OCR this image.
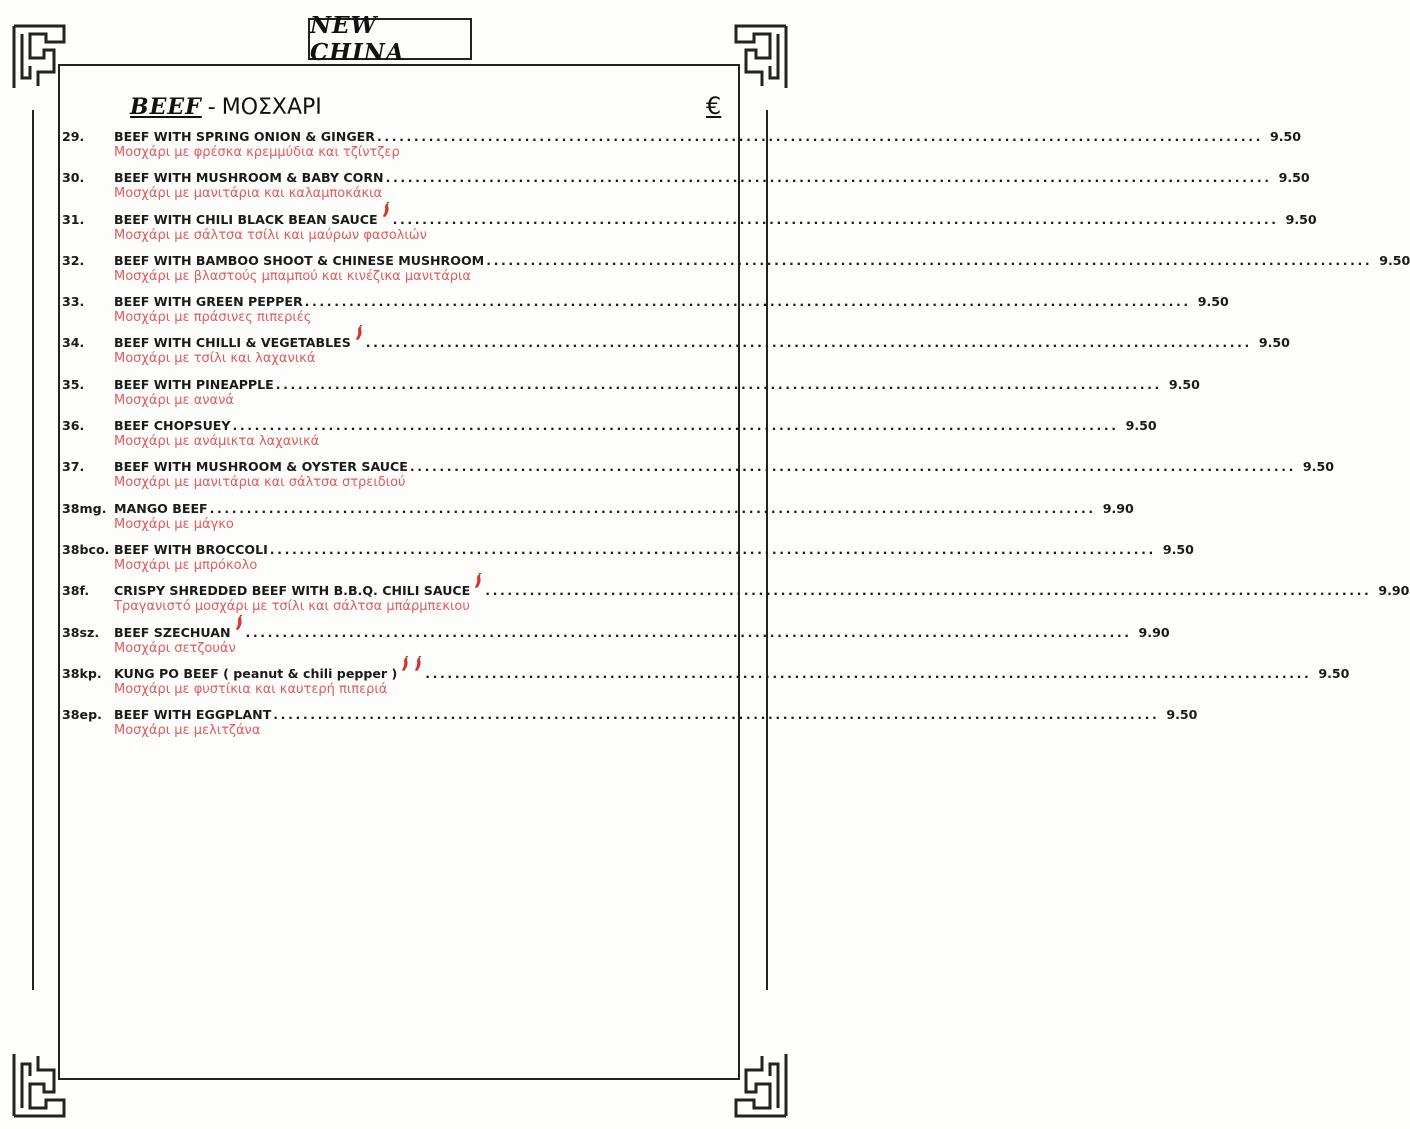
NEW CHINA
BEEF - ΜΟΣΧΑΡΙ	€
29.	BEEF WITH SPRING ONION & GINGER ........................................................................................................................ 9.50
Μοσχάρι με φρέσκα κρεμμύδια και τζίντζερ
30.	BEEF WITH MUSHROOM & BABY CORN ........................................................................................................................ 9.50
Μοσχάρι με μανιτάρια και καλαμποκάκια
31.	BEEF WITH CHILI BLACK BEAN SAUCE ........................................................................................................................ 9.50
Μοσχάρι με σάλτσα τσίλι και μαύρων φασολιών
32.	BEEF WITH BAMBOO SHOOT & CHINESE MUSHROOM ........................................................................................................................ 9.50
Μοσχάρι με βλαστούς μπαμπού και κινέζικα μανιτάρια
33.	BEEF WITH GREEN PEPPER ........................................................................................................................ 9.50
Μοσχάρι με πράσινες πιπεριές
34.	BEEF WITH CHILLI & VEGETABLES ........................................................................................................................ 9.50
Μοσχάρι με τσίλι και λαχανικά
35.	BEEF WITH PINEAPPLE ........................................................................................................................ 9.50
Μοσχάρι με ανανά
36.	BEEF CHOPSUEY ........................................................................................................................ 9.50
Μοσχάρι με ανάμικτα λαχανικά
37.	BEEF WITH MUSHROOM & OYSTER SAUCE ........................................................................................................................ 9.50
Μοσχάρι με μανιτάρια και σάλτσα στρειδιού
38mg. MANGO BEEF ........................................................................................................................ 9.90
Μοσχάρι με μάγκο
38bco. BEEF WITH BROCCOLI ........................................................................................................................ 9.50
Μοσχάρι με μπρόκολο
38f.	CRISPY SHREDDED BEEF WITH B.B.Q. CHILI SAUCE ........................................................................................................................ 9.90
Τραγανιστό μοσχάρι με τσίλι και σάλτσα μπάρμπεκιου
38sz.	BEEF SZECHUAN ........................................................................................................................ 9.90
Μοσχάρι σετζουάν
38kp. KUNG PO BEEF ( peanut & chili pepper ) ........................................................................................................................ 9.50
Μοσχάρι με φυστίκια και καυτερή πιπεριά
38ep. BEEF WITH EGGPLANT ........................................................................................................................ 9.50
Μοσχάρι με μελιτζάνα
